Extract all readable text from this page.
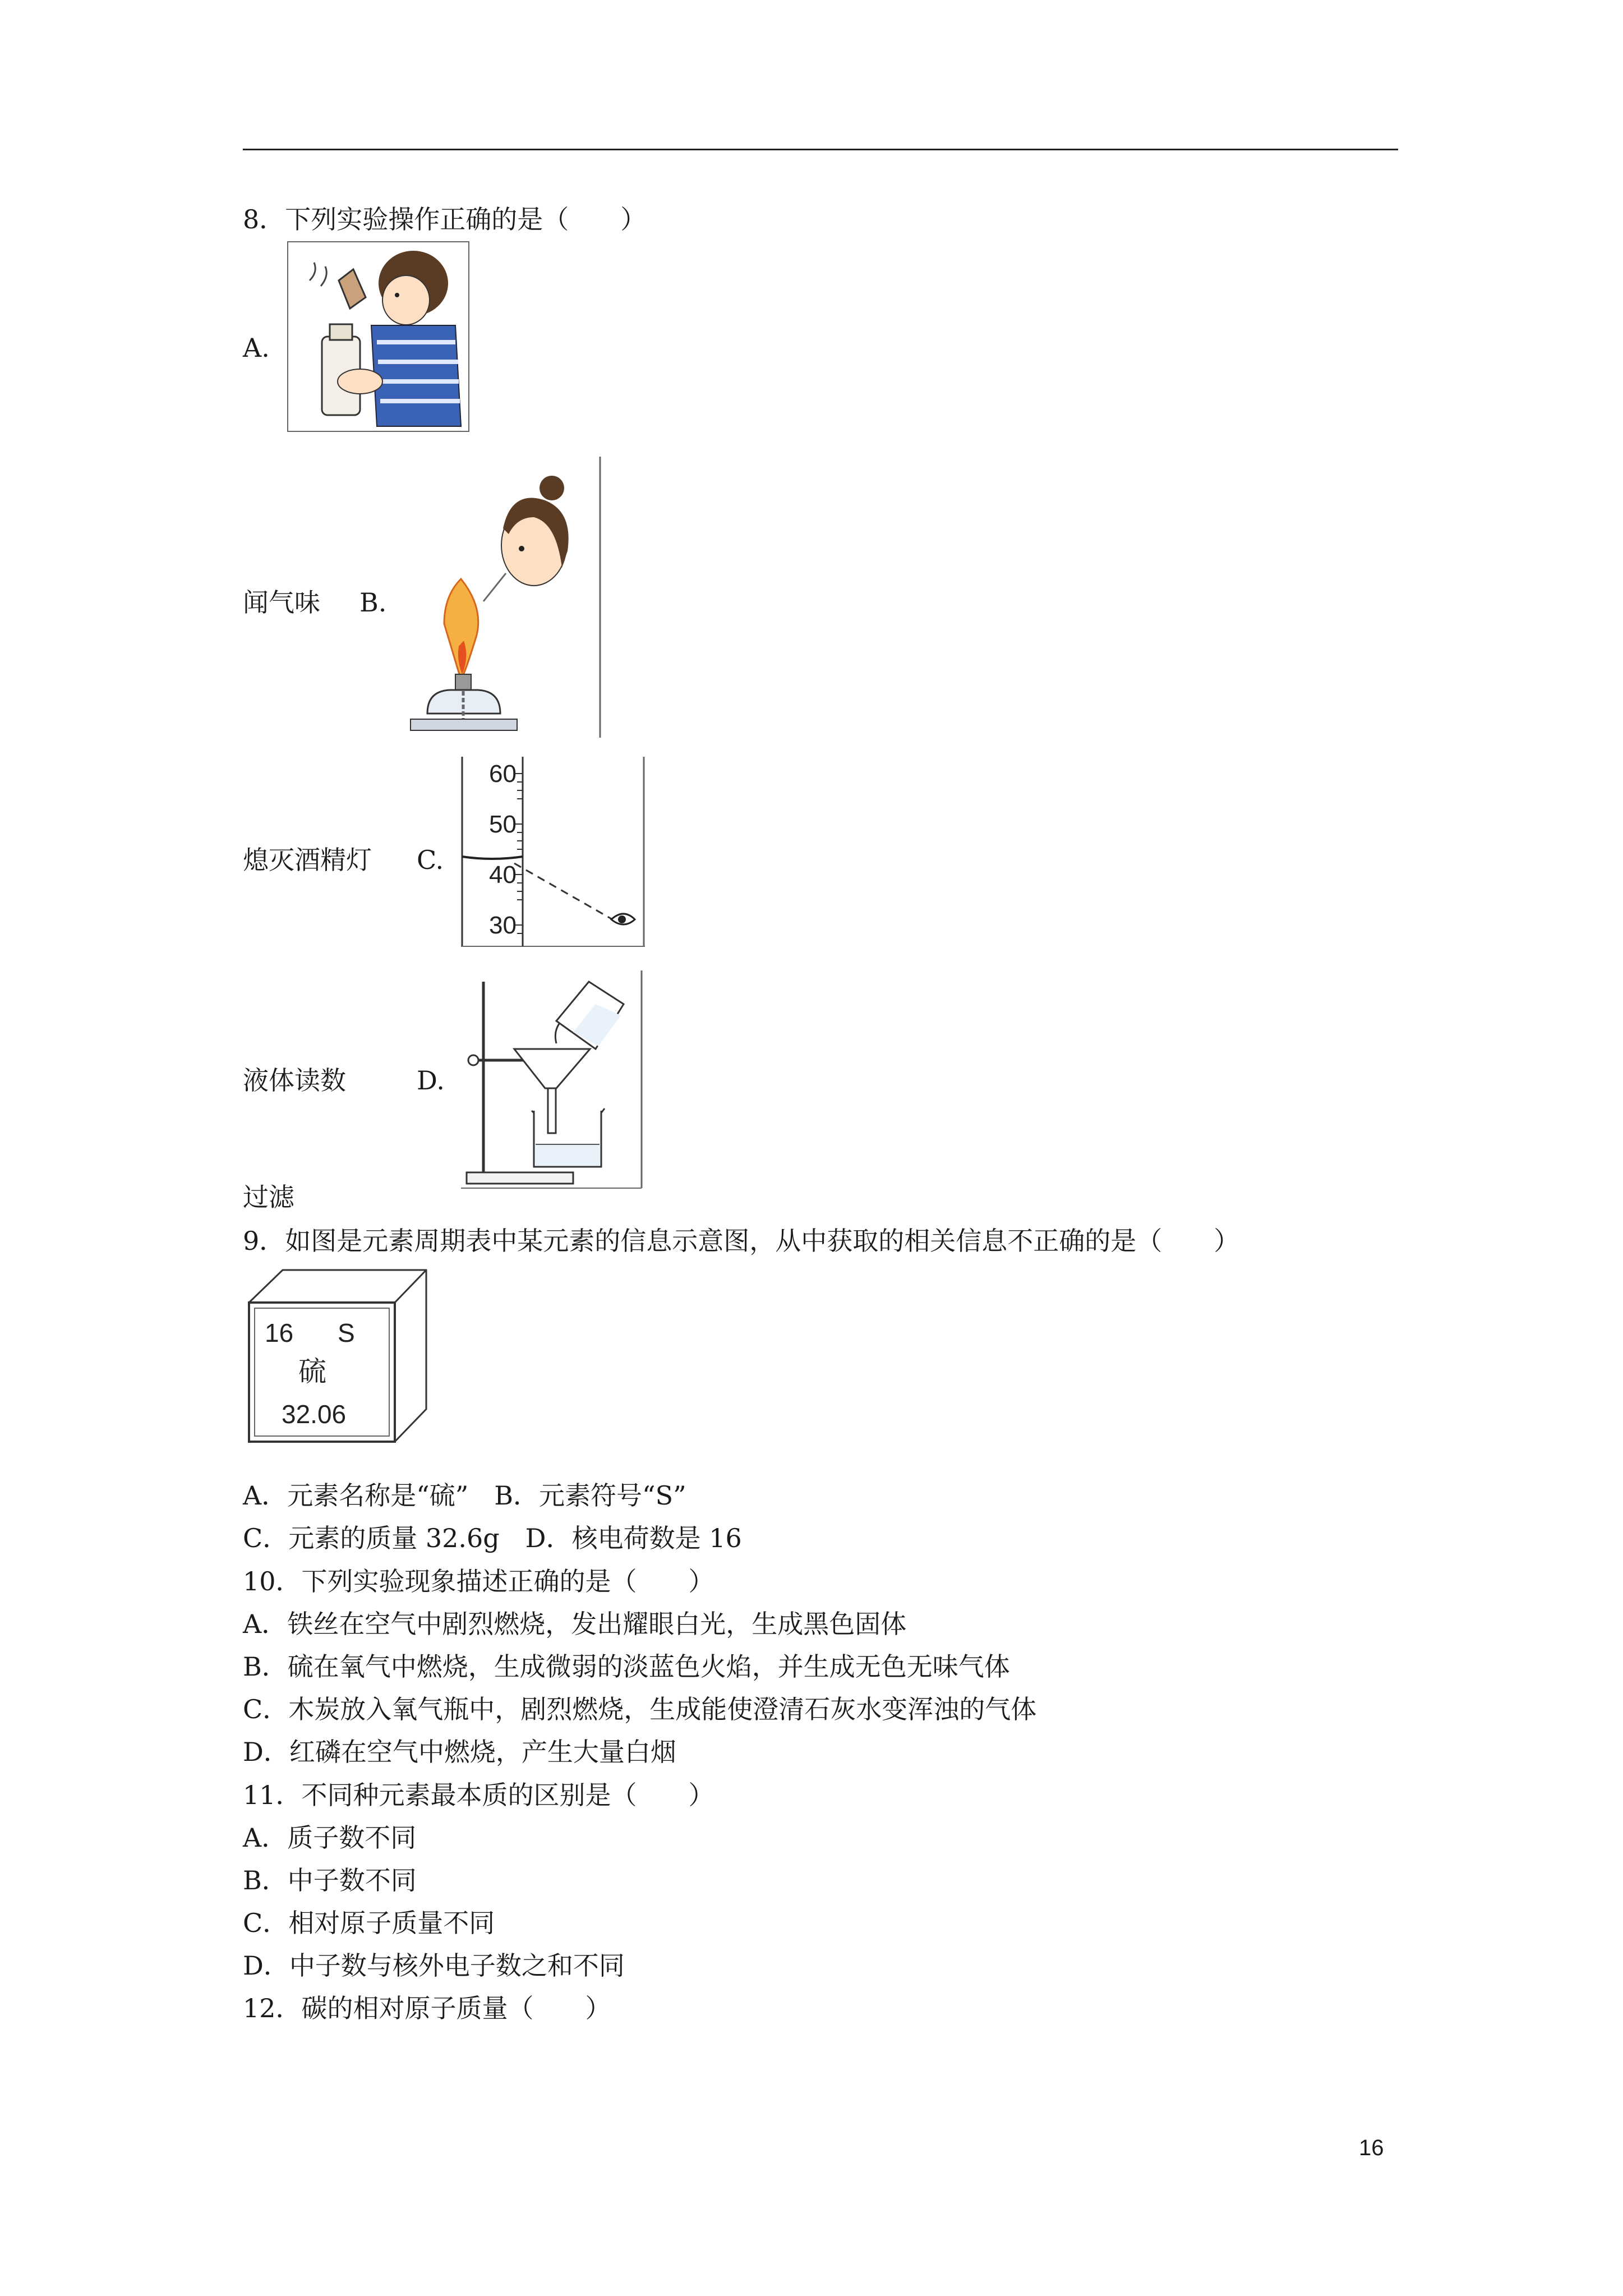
8．下列实验操作正确的是（　　）
A.
闻气味 B.
熄灭酒精灯 C.
60
50
40
30
液体读数	D.
过滤
9．如图是元素周期表中某元素的信息示意图，从中获取的相关信息不正确的是（　　）
16 S
硫
32.06
A．元素名称是“硫”　B．元素符号“S”
C．元素的质量 32.6g　D．核电荷数是 16
10．下列实验现象描述正确的是（　　）
A．铁丝在空气中剧烈燃烧，发出耀眼白光，生成黑色固体
B．硫在氧气中燃烧，生成微弱的淡蓝色火焰，并生成无色无味气体
C．木炭放入氧气瓶中，剧烈燃烧，生成能使澄清石灰水变浑浊的气体
D．红磷在空气中燃烧，产生大量白烟
11．不同种元素最本质的区别是（　　）
A．质子数不同
B．中子数不同
C．相对原子质量不同
D．中子数与核外电子数之和不同
12．碳的相对原子质量（　　）
16
